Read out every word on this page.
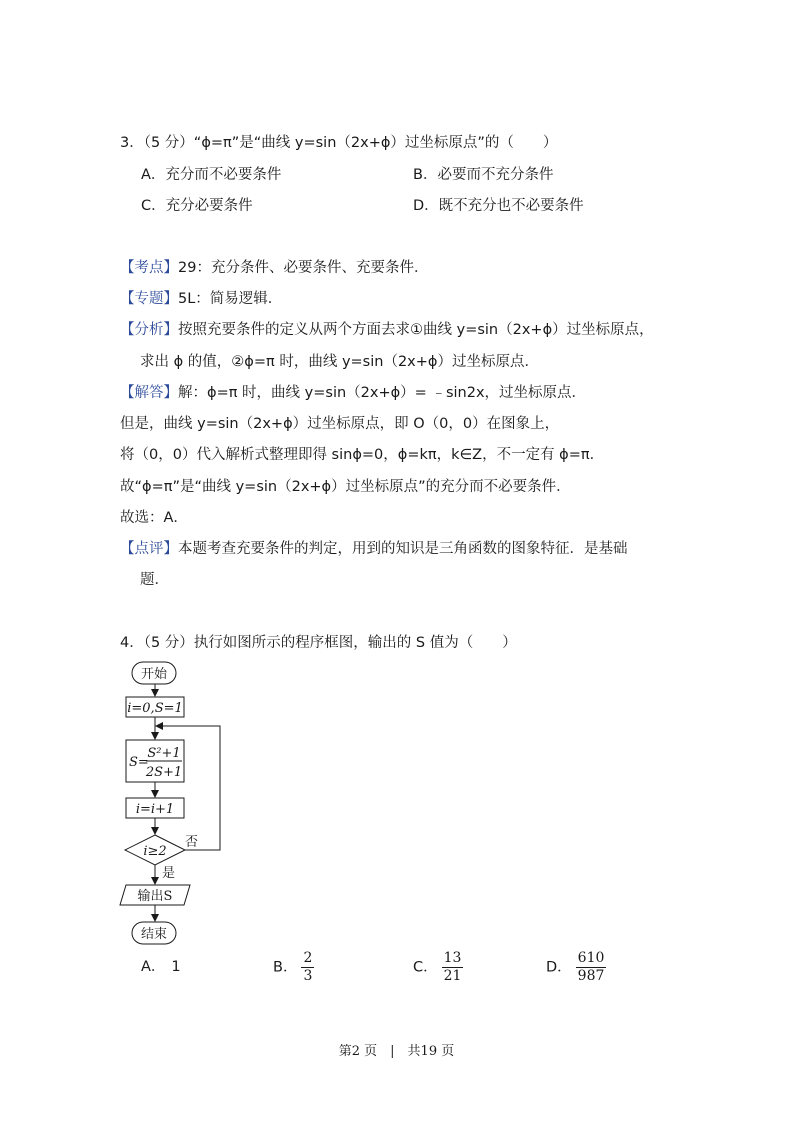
3．（5 分）“ϕ=π”是“曲线 y=sin（2x+ϕ）过坐标原点”的（　　）
A．充分而不必要条件	B．必要而不充分条件
C．充分必要条件	D．既不充分也不必要条件
【考点】29：充分条件、必要条件、充要条件．
【专题】5L：简易逻辑．
【分析】按照充要条件的定义从两个方面去求①曲线 y=sin（2x+ϕ）过坐标原点，
求出 ϕ 的值，②ϕ=π 时，曲线 y=sin（2x+ϕ）过坐标原点．
【解答】解：ϕ=π 时，曲线 y=sin（2x+ϕ）= ﹣sin2x，过坐标原点．
但是，曲线 y=sin（2x+ϕ）过坐标原点，即 O（0，0）在图象上，
将（0，0）代入解析式整理即得 sinϕ=0，ϕ=kπ，k∈Z，不一定有 ϕ=π．
故“ϕ=π”是“曲线 y=sin（2x+ϕ）过坐标原点”的充分而不必要条件．
故选：A．
【点评】本题考查充要条件的判定，用到的知识是三角函数的图象特征．是基础
题．
4．（5 分）执行如图所示的程序框图，输出的 S 值为（　　）
开始
i=0,S=1
S=
S²+1
2S+1
i=i+1
i≥2
否
是
输出S
结束
A． 1	B． $\frac{2}{3}$	C． $\frac{13}{21}$	D． $\frac{610}{987}$
第2 页　|　共19 页
